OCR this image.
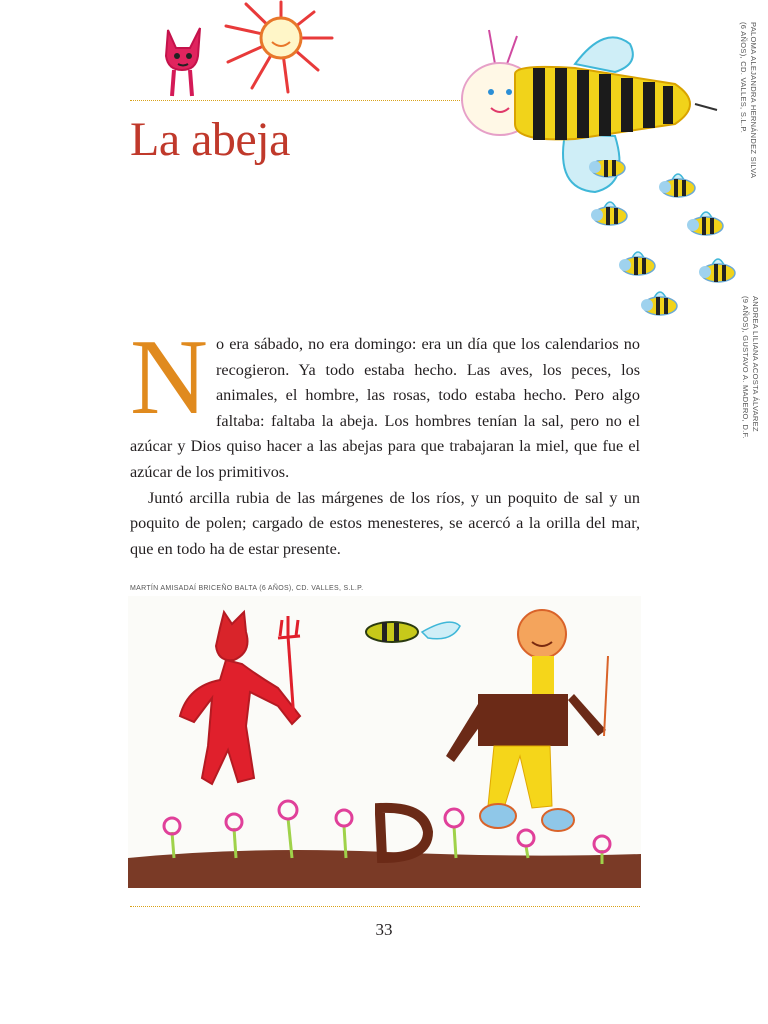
La abeja	PALOMA ALEJANDRA HERNÁNDEZ SILVA
(6 AÑOS), CD. VALLES, S.L.P.
ANDREA LILIANA ACOSTA ÁLVAREZ
(9 AÑOS), GUSTAVO A. MADERO, D.F.

No era sábado, no era domingo: era un día que los calendarios no recogieron. Ya todo estaba hecho. Las aves, los peces, los animales, el hombre, las rosas, todo estaba hecho. Pero algo faltaba: faltaba la abeja. Los hombres tenían la sal, pero no el azúcar y Dios quiso hacer a las abejas para que trabajaran la miel, que fue el azúcar de los primitivos.

Juntó arcilla rubia de las márgenes de los ríos, y un poquito de sal y un poquito de polen; cargado de estos menesteres, se acercó a la orilla del mar, que en todo ha de estar presente.

MARTÍN AMISADAÍ BRICEÑO BALTA (6 AÑOS), CD. VALLES, S.L.P.
33
